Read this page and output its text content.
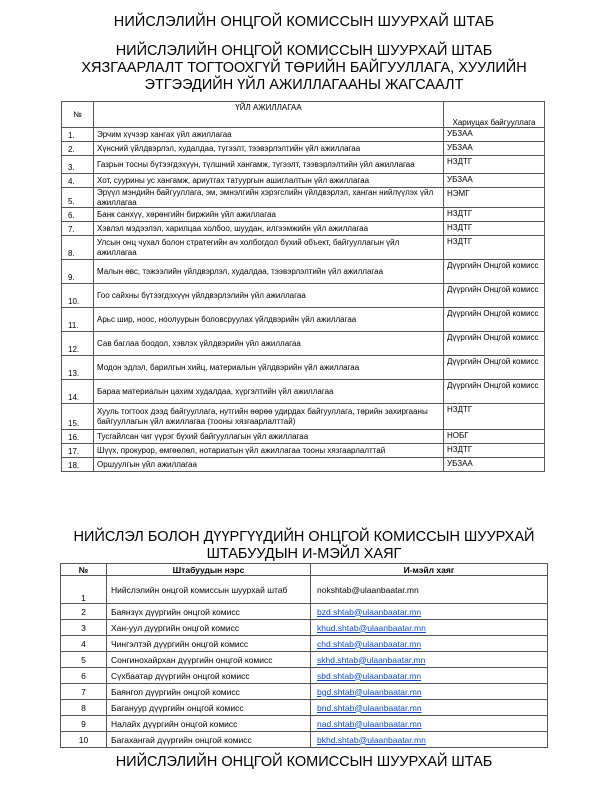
НИЙСЛЭЛИЙН ОНЦГОЙ КОМИССЫН ШУУРХАЙ ШТАБ
НИЙСЛЭЛИЙН ОНЦГОЙ КОМИССЫН ШУУРХАЙ ШТАБ
ХЯЗГААРЛАЛТ ТОГТООХГҮЙ ТӨРИЙН БАЙГУУЛЛАГА, ХУУЛИЙН
ЭТГЭЭДИЙН ҮЙЛ АЖИЛЛАГААНЫ ЖАГСААЛТ
№	ҮЙЛ АЖИЛЛАГАА	Хариуцах байгууллага
1.	Эрчим хүчээр хангах үйл ажиллагаа	УБЗАА
2.	Хүнсний үйлдвэрлэл, худалдаа, түгээлт, тээвэрлэлтийн үйл ажиллагаа	УБЗАА
3.	Газрын тосны бүтээгдэхүүн, түлшний хангамж, түгээлт, тээвэрлэлтийн үйл ажиллагаа	НЗДТГ
4.	Хот, суурины ус хангамж, ариутгах татуургын ашиглалтын үйл ажиллагаа	УБЗАА
5.	Эрүүл мэндийн байгууллага, эм, эмнэлгийн хэрэгслийн үйлдвэрлэл, ханган нийлүүлэх үйл ажиллагаа	НЭМГ
6.	Банк санхүү, хөрөнгийн биржийн үйл ажиллагаа	НЗДТГ
7.	Хэвлэл мэдээлэл, харилцаа холбоо, шуудан, илгээмжийн үйл ажиллагаа	НЗДТГ
8.	Улсын онц чухал болон стратегийн ач холбогдол бүхий объект, байгууллагын үйл ажиллагаа	НЗДТГ
9.	Малын өвс, тэжээлийн үйлдвэрлэл, худалдаа, тээвэрлэлтийн үйл ажиллагаа	Дүүргийн Онцгой комисс
10.	Гоо сайхны бүтээгдэхүүн үйлдвэрлэлийн үйл ажиллагаа	Дүүргийн Онцгой комисс
11.	Арьс шир, ноос, ноолуурын боловсруулах үйлдвэрийн үйл ажиллагаа	Дүүргийн Онцгой комисс
12.	Сав баглаа боодол, хэвлэх үйлдвэрийн үйл ажиллагаа	Дүүргийн Онцгой комисс
13.	Модон эдлэл, барилгын хийц, материалын үйлдвэрийн үйл ажиллагаа	Дүүргийн Онцгой комисс
14.	Бараа материалын цахим худалдаа, хүргэлтийн үйл ажиллагаа	Дүүргийн Онцгой комисс
15.	Хууль тогтоох дээд байгууллага, нутгийн өөрөө удирдах байгууллага, төрийн захиргааны байгууллагын үйл ажиллагаа (тооны хязгаарлалттай)	НЗДТГ
16.	Тусгайлсан чиг үүрэг бүхий байгууллагын үйл ажиллагаа	НОБГ
17.	Шүүх, прокурор, өмгөөлөл, нотариатын үйл ажиллагаа тооны хязгаарлалттай	НЗДТГ
18.	Оршуулгын үйл ажиллагаа	УБЗАА
НИЙСЛЭЛ БОЛОН ДҮҮРГҮҮДИЙН ОНЦГОЙ КОМИССЫН ШУУРХАЙ
ШТАБУУДЫН И-МЭЙЛ ХАЯГ
№	Штабуудын нэрс	И-мэйл хаяг
1	Нийслэлийн онцгой комиссын шуурхай штаб	nokshtab@ulaanbaatar.mn
2	Баянзүх дүүргийн онцгой комисс	bzd.shtab@ulaanbaatar.mn
3	Хан-уул дүүргийн онцгой комисс	khud.shtab@ulaanbaatar.mn
4	Чингэлтэй дүүргийн онцгой комисс	chd.shtab@ulaanbaatar.mn
5	Сонгинохайрхан дүүргийн онцгой комисс	skhd.shtab@ulaanbaatar.mn
6	Сүхбаатар дүүргийн онцгой комисс	sbd.shtab@ulaanbaatar.mn
7	Баянгол дүүргийн онцгой комисс	bgd.shtab@ulaanbaatar.mn
8	Багануур дүүргийн онцгой комисс	bnd.shtab@ulaanbaatar.mn
9	Налайх дүүргийн онцгой комисс	nad.shtab@ulaanbaatar.mn
10	Багахангай дүүргийн онцгой комисс	bkhd.shtab@ulaanbaatar.mn
НИЙСЛЭЛИЙН ОНЦГОЙ КОМИССЫН ШУУРХАЙ ШТАБ
